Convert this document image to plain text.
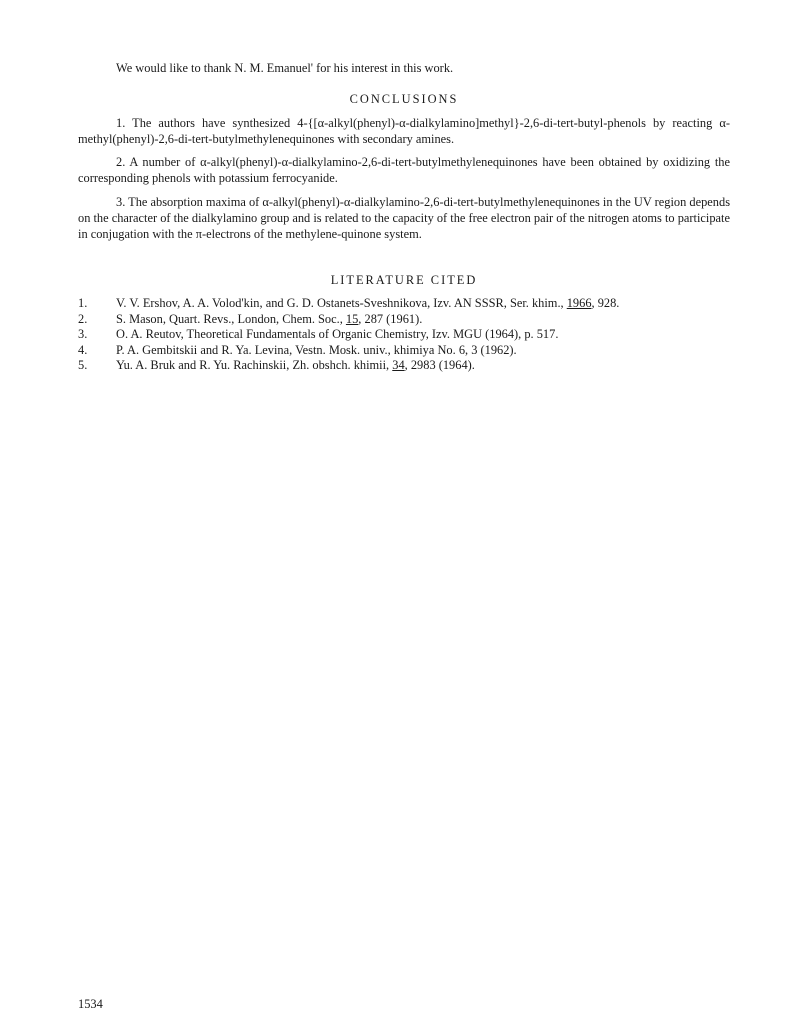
We would like to thank N. M. Emanuel' for his interest in this work.

CONCLUSIONS

1. The authors have synthesized 4-{[α-alkyl(phenyl)-α-dialkylamino]methyl}-2,6-di-tert-butyl-phenols by reacting α-methyl(phenyl)-2,6-di-tert-butylmethylenequinones with secondary amines.

2. A number of α-alkyl(phenyl)-α-dialkylamino-2,6-di-tert-butylmethylenequinones have been obtained by oxidizing the corresponding phenols with potassium ferrocyanide.

3. The absorption maxima of α-alkyl(phenyl)-α-dialkylamino-2,6-di-tert-butylmethylenequinones in the UV region depends on the character of the dialkylamino group and is related to the capacity of the free electron pair of the nitrogen atoms to participate in conjugation with the π-electrons of the methylene-quinone system.

LITERATURE CITED
1.	V. V. Ershov, A. A. Volod'kin, and G. D. Ostanets-Sveshnikova, Izv. AN SSSR, Ser. khim., 1966, 928.
2.	S. Mason, Quart. Revs., London, Chem. Soc., 15, 287 (1961).
3.	O. A. Reutov, Theoretical Fundamentals of Organic Chemistry, Izv. MGU (1964), p. 517.
4.	P. A. Gembitskii and R. Ya. Levina, Vestn. Mosk. univ., khimiya No. 6, 3 (1962).
5.	Yu. A. Bruk and R. Yu. Rachinskii, Zh. obshch. khimii, 34, 2983 (1964).
1534
